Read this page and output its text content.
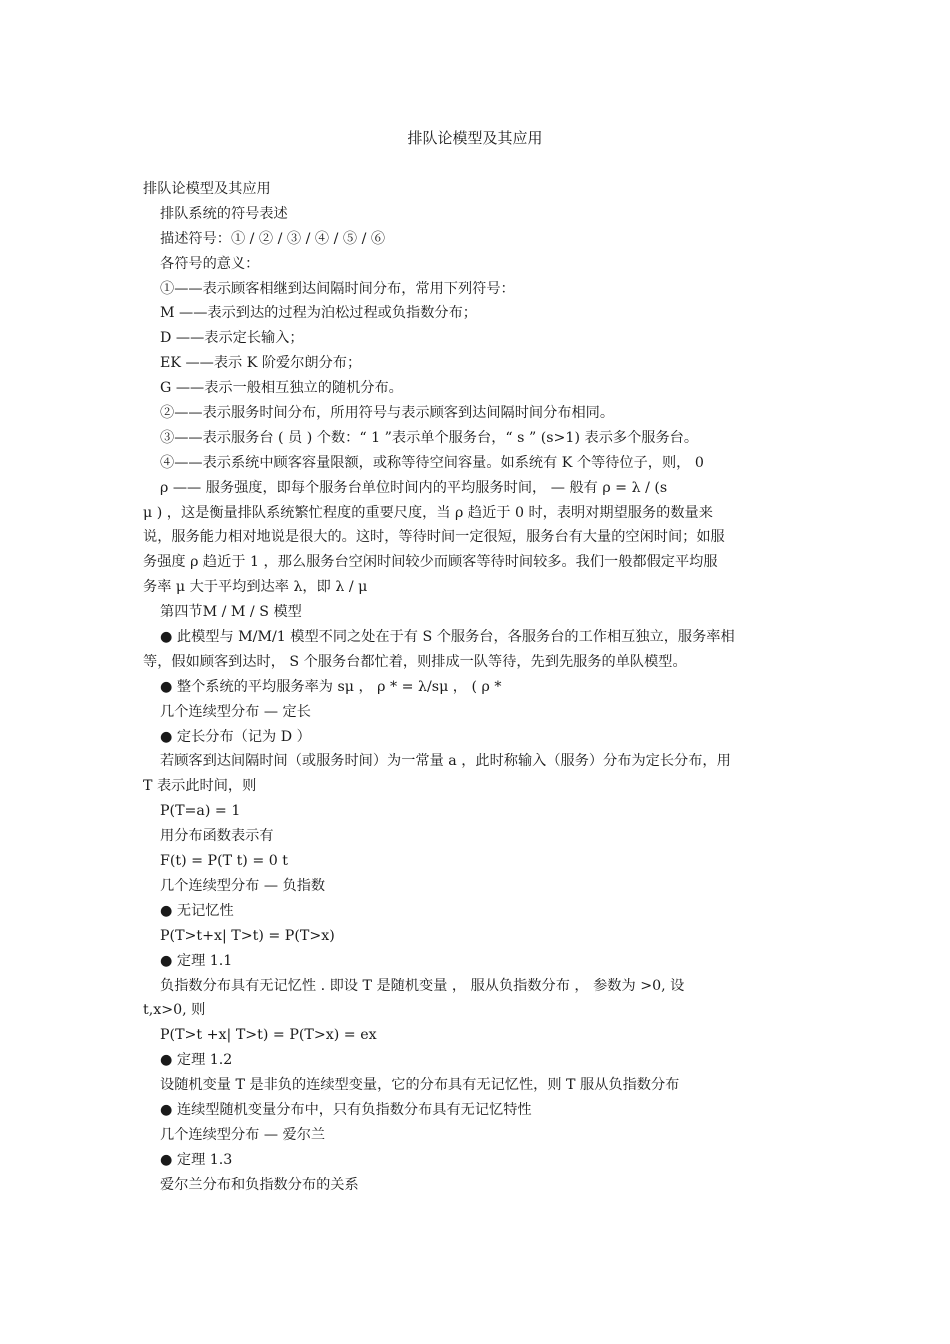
排队论模型及其应用
排队论模型及其应用
排队系统的符号表述
描述符号：① / ② / ③ / ④ / ⑤ / ⑥
各符号的意义：
①——表示顾客相继到达间隔时间分布，常用下列符号：
M ——表示到达的过程为泊松过程或负指数分布；
D ——表示定长输入；
EK ——表示 K 阶爱尔朗分布；
G ——表示一般相互独立的随机分布。
②——表示服务时间分布，所用符号与表示顾客到达间隔时间分布相同。
③——表示服务台 ( 员 ) 个数：“ 1 ”表示单个服务台，“ s ” (s>1) 表示多个服务台。
④——表示系统中顾客容量限额，或称等待空间容量。如系统有 K 个等待位子，则， 0
ρ —— 服务强度，即每个服务台单位时间内的平均服务时间， — 般有 ρ = λ / (s
μ ) ，这是衡量排队系统繁忙程度的重要尺度，当 ρ 趋近于 0 时，表明对期望服务的数量来
说，服务能力相对地说是很大的。这时，等待时间一定很短，服务台有大量的空闲时间；如服
务强度 ρ 趋近于 1 ，那么服务台空闲时间较少而顾客等待时间较多。我们一般都假定平均服
务率 μ 大于平均到达率 λ，即 λ / μ
第四节M / M / S 模型
● 此模型与 M/M/1 模型不同之处在于有 S 个服务台，各服务台的工作相互独立，服务率相
等，假如顾客到达时， S 个服务台都忙着，则排成一队等待，先到先服务的单队模型。
● 整个系统的平均服务率为 sμ ， ρ * = λ/sμ ， ( ρ *
几个连续型分布 — 定长
● 定长分布（记为 D ）
若顾客到达间隔时间（或服务时间）为一常量 a ，此时称输入（服务）分布为定长分布，用
T 表示此时间，则
P(T=a) = 1
用分布函数表示有
F(t) = P(T t) = 0 t
几个连续型分布 — 负指数
● 无记忆性
P(T>t+x| T>t) = P(T>x)
● 定理 1.1
负指数分布具有无记忆性 . 即设 T 是随机变量 ， 服从负指数分布 ， 参数为 >0, 设
t,x>0, 则
P(T>t +x| T>t) = P(T>x) = ex
● 定理 1.2
设随机变量 T 是非负的连续型变量，它的分布具有无记忆性，则 T 服从负指数分布
● 连续型随机变量分布中，只有负指数分布具有无记忆特性
几个连续型分布 — 爱尔兰
● 定理 1.3
爱尔兰分布和负指数分布的关系
